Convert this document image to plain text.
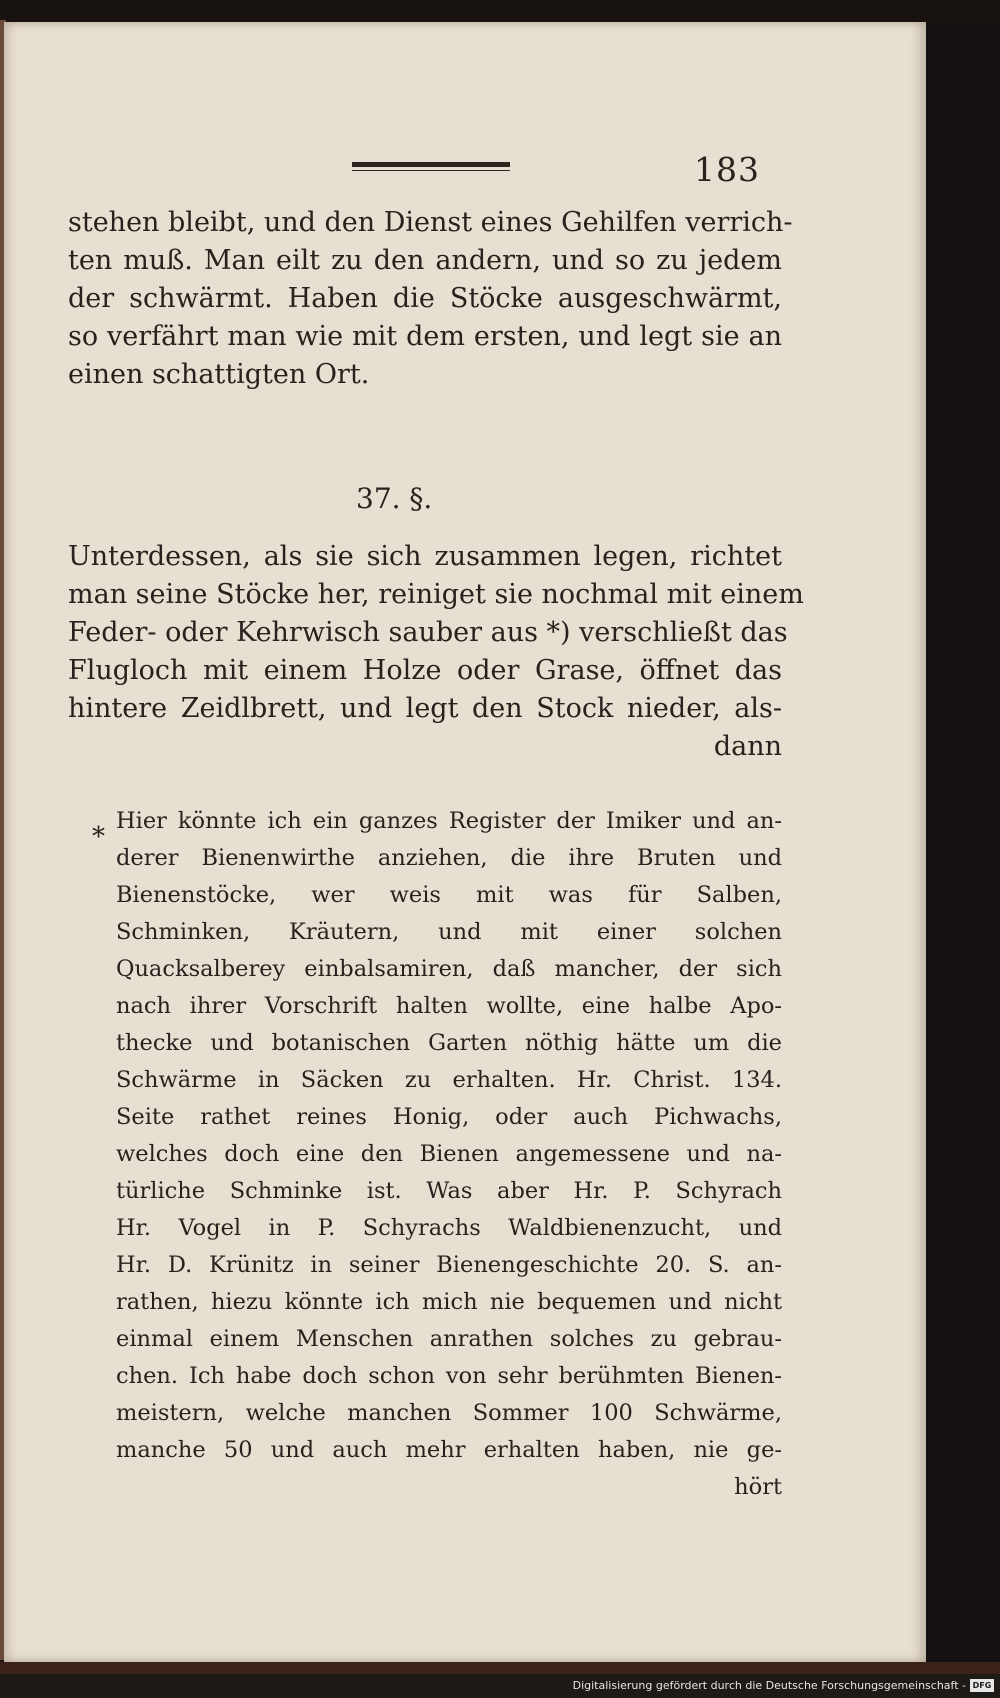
183
stehen bleibt, und den Dienst eines Gehilfen verrich-
ten muß. Man eilt zu den andern, und so zu jedem
der schwärmt. Haben die Stöcke ausgeschwärmt,
so verfährt man wie mit dem ersten, und legt sie an
einen schattigten Ort.
37. §.
Unterdessen, als sie sich zusammen legen, richtet
man seine Stöcke her, reiniget sie nochmal mit einem
Feder- oder Kehrwisch sauber aus *) verschließt das
Flugloch mit einem Holze oder Grase, öffnet das
hintere Zeidlbrett, und legt den Stock nieder, als-
dann
*
Hier könnte ich ein ganzes Register der Imiker und an-
derer Bienenwirthe anziehen, die ihre Bruten und
Bienenstöcke, wer weis mit was für Salben,
Schminken, Kräutern, und mit einer solchen
Quacksalberey einbalsamiren, daß mancher, der sich
nach ihrer Vorschrift halten wollte, eine halbe Apo-
thecke und botanischen Garten nöthig hätte um die
Schwärme in Säcken zu erhalten. Hr. Christ. 134.
Seite rathet reines Honig, oder auch Pichwachs,
welches doch eine den Bienen angemessene und na-
türliche Schminke ist. Was aber Hr. P. Schyrach
Hr. Vogel in P. Schyrachs Waldbienenzucht, und
Hr. D. Krünitz in seiner Bienengeschichte 20. S. an-
rathen, hiezu könnte ich mich nie bequemen und nicht
einmal einem Menschen anrathen solches zu gebrau-
chen. Ich habe doch schon von sehr berühmten Bienen-
meistern, welche manchen Sommer 100 Schwärme,
manche 50 und auch mehr erhalten haben, nie ge-
hört
Digitalisierung gefördert durch die Deutsche Forschungsgemeinschaft - DFG
